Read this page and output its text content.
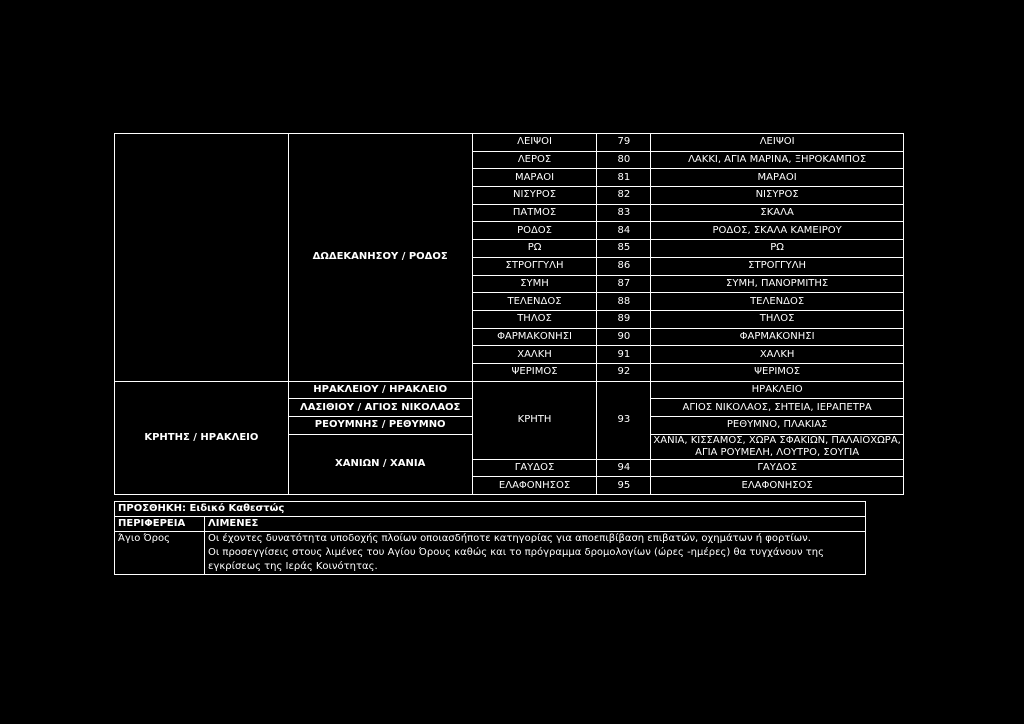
	ΔΩΔΕΚΑΝΗΣΟΥ / ΡΟΔΟΣ	ΛΕΙΨΟΙ	79	ΛΕΙΨΟΙ
		ΛΕΡΟΣ	80	ΛΑΚΚΙ, ΑΓΙΑ ΜΑΡΙΝΑ, ΞΗΡΟΚΑΜΠΟΣ
		ΜΑΡΑΟΙ	81	ΜΑΡΑΟΙ
		ΝΙΣΥΡΟΣ	82	ΝΙΣΥΡΟΣ
		ΠΑΤΜΟΣ	83	ΣΚΑΛΑ
		ΡΟΔΟΣ	84	ΡΟΔΟΣ, ΣΚΑΛΑ ΚΑΜΕΙΡΟΥ
		ΡΩ	85	ΡΩ
		ΣΤΡΟΓΓΥΛΗ	86	ΣΤΡΟΓΓΥΛΗ
		ΣΥΜΗ	87	ΣΥΜΗ, ΠΑΝΟΡΜΙΤΗΣ
		ΤΕΛΕΝΔΟΣ	88	ΤΕΛΕΝΔΟΣ
		ΤΗΛΟΣ	89	ΤΗΛΟΣ
		ΦΑΡΜΑΚΟΝΗΣΙ	90	ΦΑΡΜΑΚΟΝΗΣΙ
		ΧΑΛΚΗ	91	ΧΑΛΚΗ
		ΨΕΡΙΜΟΣ	92	ΨΕΡΙΜΟΣ
ΚΡΗΤΗΣ / ΗΡΑΚΛΕΙΟ	ΗΡΑΚΛΕΙΟΥ / ΗΡΑΚΛΕΙΟ	ΚΡΗΤΗ	93	ΗΡΑΚΛΕΙΟ
	ΛΑΣΙΘΙΟΥ / ΑΓΙΟΣ ΝΙΚΟΛΑΟΣ			ΑΓΙΟΣ ΝΙΚΟΛΑΟΣ, ΣΗΤΕΙΑ, ΙΕΡΑΠΕΤΡΑ
	ΡΕΟΥΜΝΗΣ / ΡΕΘΥΜΝΟ			ΡΕΘΥΜΝΟ, ΠΛΑΚΙΑΣ
	ΧΑΝΙΩΝ / ΧΑΝΙΑ			ΧΑΝΙΑ, ΚΙΣΣΑΜΟΣ, ΧΩΡΑ ΣΦΑΚΙΩΝ, ΠΑΛΑΙΟΧΩΡΑ, ΑΓΙΑ ΡΟΥΜΕΛΗ, ΛΟΥΤΡΟ, ΣΟΥΓΙΑ

		ΓΑΥΔΟΣ	94	ΓΑΥΔΟΣ
		ΕΛΑΦΟΝΗΣΟΣ	95	ΕΛΑΦΟΝΗΣΟΣ
ΠΡΟΣΘΗΚΗ: Ειδικό Καθεστώς	
ΠΕΡΙΦΕΡΕΙΑ	ΛΙΜΕΝΕΣ
Άγιο Όρος	Οι έχοντες δυνατότητα υποδοχής πλοίων οποιασδήποτε κατηγορίας για αποεπιβίβαση επιβατών, οχημάτων ή φορτίων.
Οι προσεγγίσεις στους λιμένες του Αγίου Όρους καθώς και το πρόγραμμα δρομολογίων (ώρες -ημέρες) θα τυγχάνουν της εγκρίσεως της Ιεράς Κοινότητας.
